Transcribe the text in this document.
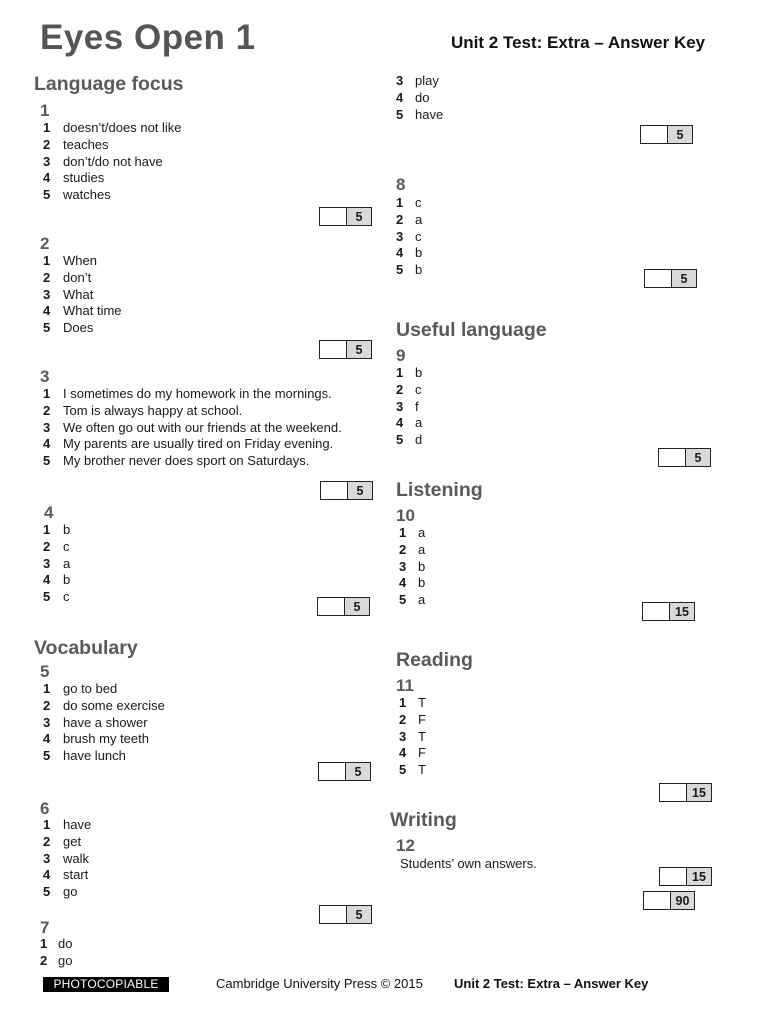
Eyes Open 1	Unit 2 Test: Extra – Answer Key
Language focus
1
1 doesn’t/does not like
2 teaches
3 don’t/do not have
4 studies
5 watches
5
2
1 When
2 don’t
3 What
4 What time
5 Does
5
3
1 I sometimes do my homework in the mornings.
2 Tom is always happy at school.
3 We often go out with our friends at the weekend.
4 My parents are usually tired on Friday evening.
5 My brother never does sport on Saturdays.
5
4
1 b
2 c
3 a
4 b
5 c
5
Vocabulary
5
1 go to bed
2 do some exercise
3 have a shower
4 brush my teeth
5 have lunch
5
6
1 have
2 get
3 walk
4 start
5 go
5
7
1 do
2 go
3 play
4 do
5 have
5
8
1 c
2 a
3 c
4 b
5 b
5
Useful language
9
1 b
2 c
3 f
4 a
5 d
5
Listening
10
1 a
2 a
3 b
4 b
5 a
15
Reading
11
1 T
2 F
3 T
4 F
5 T
15
Writing
12
Students’ own answers.
15
90
PHOTOCOPIABLE	Cambridge University Press © 2015 Unit 2 Test: Extra – Answer Key
